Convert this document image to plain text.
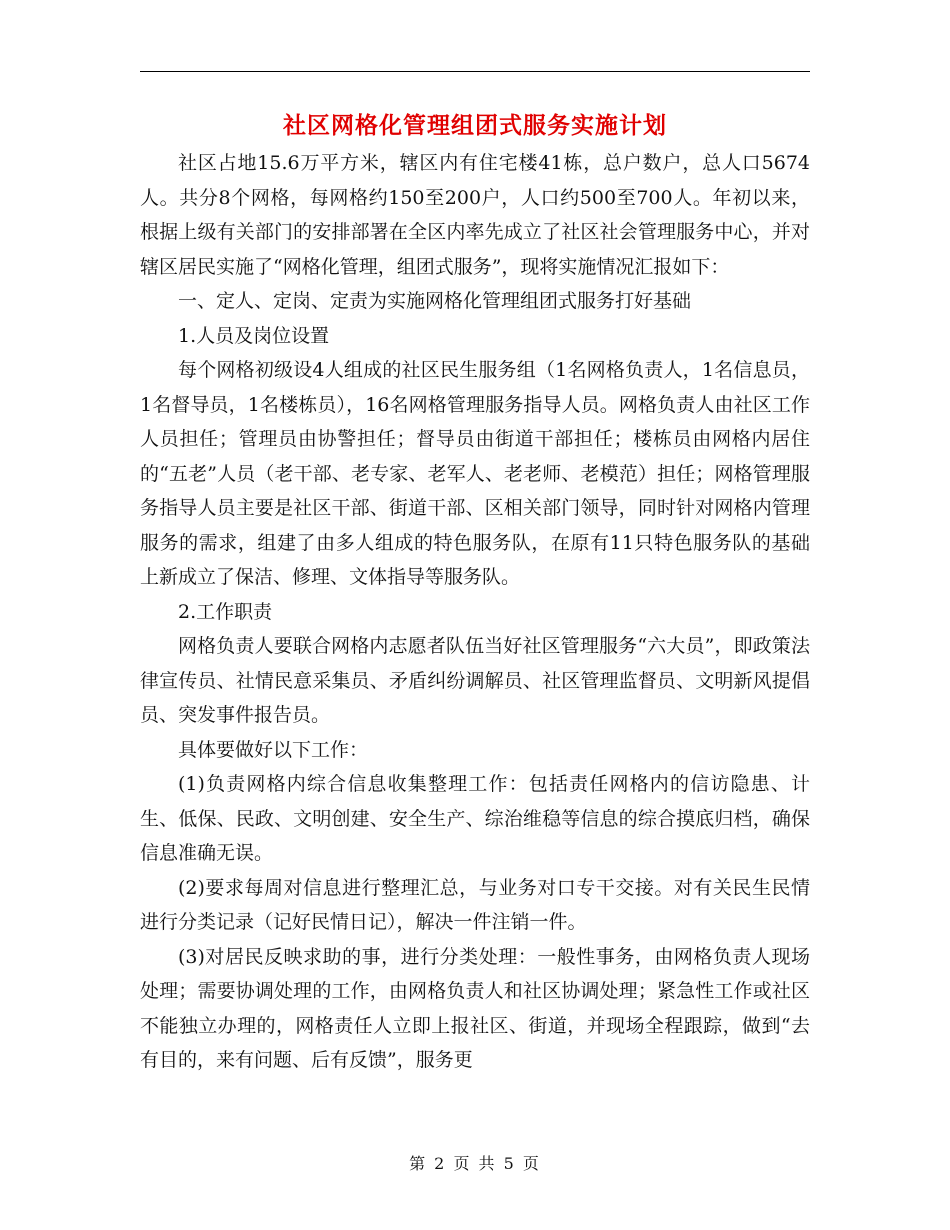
社区网格化管理组团式服务实施计划

社区占地15.6万平方米，辖区内有住宅楼41栋，总户数户，总人口5674人。共分8个网格，每网格约150至200户，人口约500至700人。年初以来，根据上级有关部门的安排部署在全区内率先成立了社区社会管理服务中心，并对辖区居民实施了“网格化管理，组团式服务”，现将实施情况汇报如下：

一、定人、定岗、定责为实施网格化管理组团式服务打好基础

1.人员及岗位设置

每个网格初级设4人组成的社区民生服务组（1名网格负责人，1名信息员，1名督导员，1名楼栋员），16名网格管理服务指导人员。网格负责人由社区工作人员担任；管理员由协警担任；督导员由街道干部担任；楼栋员由网格内居住的“五老”人员（老干部、老专家、老军人、老老师、老模范）担任；网格管理服务指导人员主要是社区干部、街道干部、区相关部门领导，同时针对网格内管理服务的需求，组建了由多人组成的特色服务队，在原有11只特色服务队的基础上新成立了保洁、修理、文体指导等服务队。

2.工作职责

网格负责人要联合网格内志愿者队伍当好社区管理服务“六大员”，即政策法律宣传员、社情民意采集员、矛盾纠纷调解员、社区管理监督员、文明新风提倡员、突发事件报告员。

具体要做好以下工作：

(1)负责网格内综合信息收集整理工作：包括责任网格内的信访隐患、计生、低保、民政、文明创建、安全生产、综治维稳等信息的综合摸底归档，确保信息准确无误。

(2)要求每周对信息进行整理汇总，与业务对口专干交接。对有关民生民情进行分类记录（记好民情日记），解决一件注销一件。

(3)对居民反映求助的事，进行分类处理：一般性事务，由网格负责人现场处理；需要协调处理的工作，由网格负责人和社区协调处理；紧急性工作或社区不能独立办理的，网格责任人立即上报社区、街道，并现场全程跟踪，做到“去有目的，来有问题、后有反馈”，服务更

第 2 页 共 5 页
